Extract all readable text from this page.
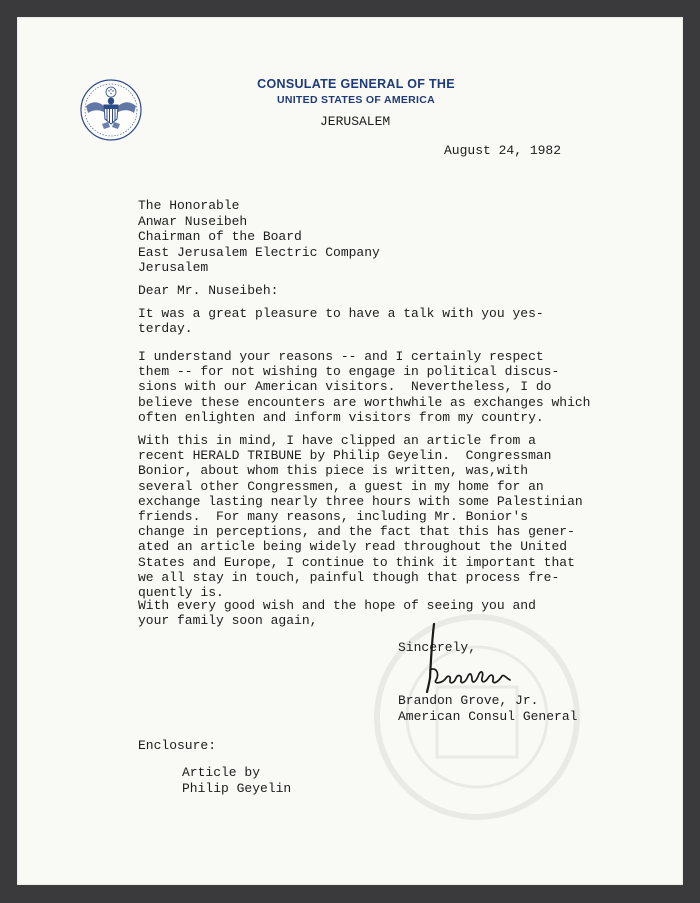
CONSULATE GENERAL OF THE
UNITED STATES OF AMERICA
JERUSALEM
August 24, 1982
The Honorable
Anwar Nuseibeh
Chairman of the Board
East Jerusalem Electric Company
Jerusalem
Dear Mr. Nuseibeh:
It was a great pleasure to have a talk with you yes-
terday.
I understand your reasons -- and I certainly respect
them -- for not wishing to engage in political discus-
sions with our American visitors.  Nevertheless, I do
believe these encounters are worthwhile as exchanges which
often enlighten and inform visitors from my country.
With this in mind, I have clipped an article from a
recent HERALD TRIBUNE by Philip Geyelin.  Congressman
Bonior, about whom this piece is written, was,with
several other Congressmen, a guest in my home for an
exchange lasting nearly three hours with some Palestinian
friends.  For many reasons, including Mr. Bonior's
change in perceptions, and the fact that this has gener-
ated an article being widely read throughout the United
States and Europe, I continue to think it important that
we all stay in touch, painful though that process fre-
quently is.
With every good wish and the hope of seeing you and
your family soon again,
Sincerely,
Brandon Grove, Jr.
American Consul General
Enclosure:
Article by
Philip Geyelin
